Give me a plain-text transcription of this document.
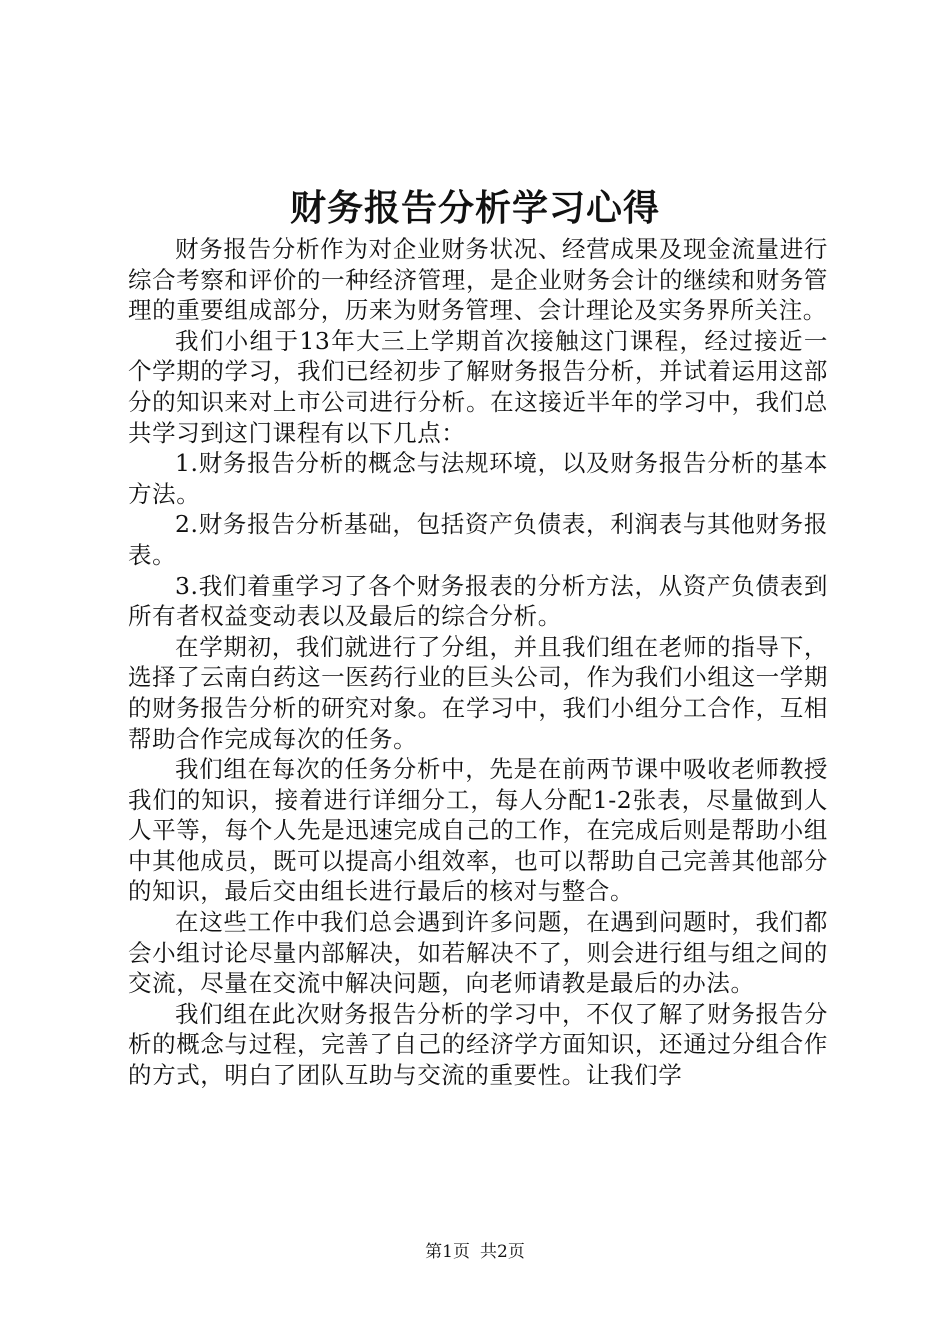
财务报告分析学习心得

财务报告分析作为对企业财务状况、经营成果及现金流量进行综合考察和评价的一种经济管理，是企业财务会计的继续和财务管理的重要组成部分，历来为财务管理、会计理论及实务界所关注。

我们小组于13年大三上学期首次接触这门课程，经过接近一个学期的学习，我们已经初步了解财务报告分析，并试着运用这部分的知识来对上市公司进行分析。在这接近半年的学习中，我们总共学习到这门课程有以下几点：

1.财务报告分析的概念与法规环境，以及财务报告分析的基本方法。

2.财务报告分析基础，包括资产负债表，利润表与其他财务报表。

3.我们着重学习了各个财务报表的分析方法，从资产负债表到所有者权益变动表以及最后的综合分析。

在学期初，我们就进行了分组，并且我们组在老师的指导下，选择了云南白药这一医药行业的巨头公司，作为我们小组这一学期的财务报告分析的研究对象。在学习中，我们小组分工合作，互相帮助合作完成每次的任务。

我们组在每次的任务分析中，先是在前两节课中吸收老师教授我们的知识，接着进行详细分工，每人分配1-2张表，尽量做到人人平等，每个人先是迅速完成自己的工作，在完成后则是帮助小组中其他成员，既可以提高小组效率，也可以帮助自己完善其他部分的知识，最后交由组长进行最后的核对与整合。

在这些工作中我们总会遇到许多问题，在遇到问题时，我们都会小组讨论尽量内部解决，如若解决不了，则会进行组与组之间的交流，尽量在交流中解决问题，向老师请教是最后的办法。

我们组在此次财务报告分析的学习中，不仅了解了财务报告分析的概念与过程，完善了自己的经济学方面知识，还通过分组合作的方式，明白了团队互助与交流的重要性。让我们学

第1页 共2页
